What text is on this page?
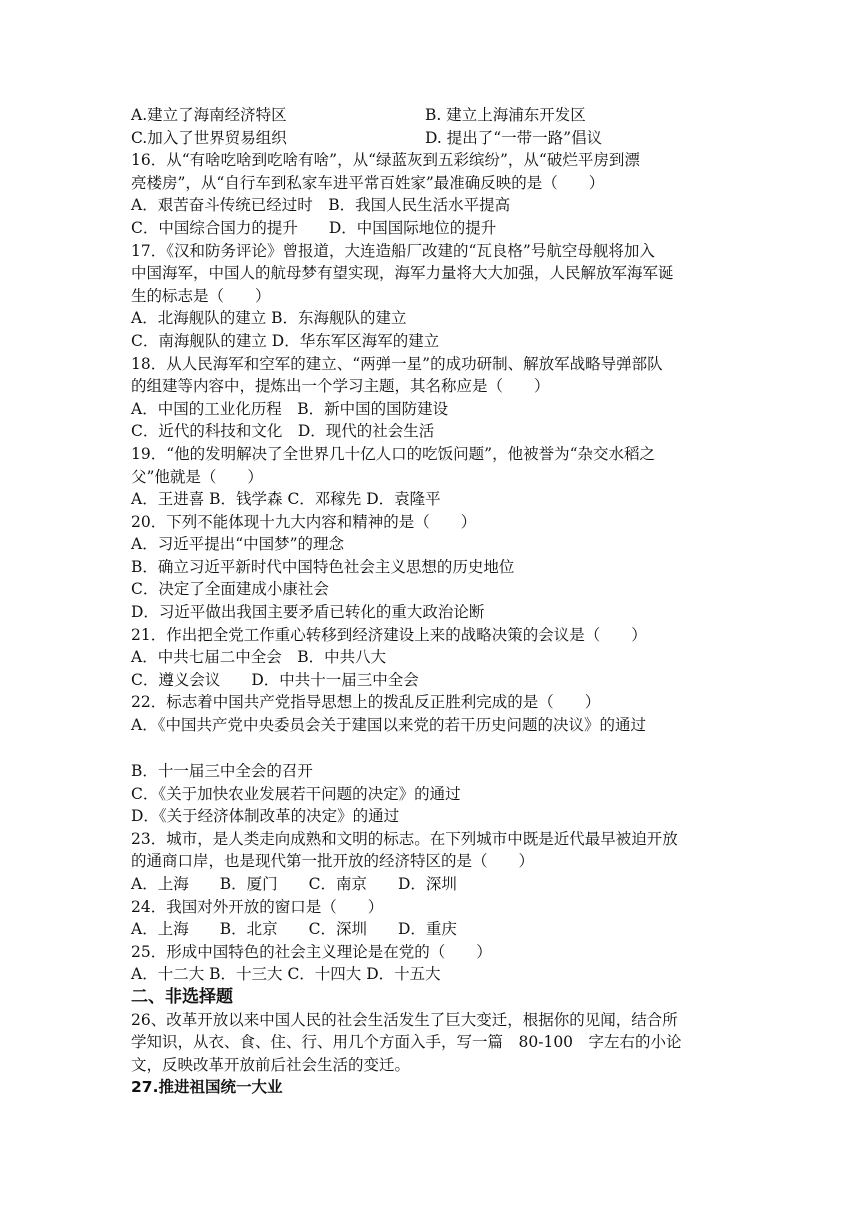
A.建立了海南经济特区	B. 建立上海浦东开发区
C.加入了世界贸易组织	D. 提出了“一带一路”倡议
16．从“有啥吃啥到吃啥有啥”，从“绿蓝灰到五彩缤纷”，从“破烂平房到漂
亮楼房”，从“自行车到私家车进平常百姓家”最准确反映的是（　　）
A．艰苦奋斗传统已经过时　B．我国人民生活水平提高
C．中国综合国力的提升　　D．中国国际地位的提升
17．《汉和防务评论》曾报道，大连造船厂改建的“瓦良格”号航空母舰将加入
中国海军，中国人的航母梦有望实现，海军力量将大大加强，人民解放军海军诞
生的标志是（　　）
A．北海舰队的建立 B．东海舰队的建立
C．南海舰队的建立 D．华东军区海军的建立
18．从人民海军和空军的建立、“两弹一星”的成功研制、解放军战略导弹部队
的组建等内容中，提炼出一个学习主题，其名称应是（　　）
A．中国的工业化历程　B．新中国的国防建设
C．近代的科技和文化　D．现代的社会生活
19．“他的发明解决了全世界几十亿人口的吃饭问题”，他被誉为“杂交水稻之
父”他就是（　　）
A．王进喜 B．钱学森 C．邓稼先 D．袁隆平
20．下列不能体现十九大内容和精神的是（　　）
A．习近平提出“中国梦”的理念
B．确立习近平新时代中国特色社会主义思想的历史地位
C．决定了全面建成小康社会
D．习近平做出我国主要矛盾已转化的重大政治论断
21．作出把全党工作重心转移到经济建设上来的战略决策的会议是（　　）
A．中共七届二中全会　B．中共八大
C．遵义会议　　D．中共十一届三中全会
22．标志着中国共产党指导思想上的拨乱反正胜利完成的是（　　）
A．《中国共产党中央委员会关于建国以来党的若干历史问题的决议》的通过
B．十一届三中全会的召开
C．《关于加快农业发展若干问题的决定》的通过
D．《关于经济体制改革的决定》的通过
23．城市，是人类走向成熟和文明的标志。在下列城市中既是近代最早被迫开放
的通商口岸，也是现代第一批开放的经济特区的是（　　）
A．上海　　B．厦门　　C．南京　　D．深圳
24．我国对外开放的窗口是（　　）
A．上海　　B．北京　　C．深圳　　D．重庆
25．形成中国特色的社会主义理论是在党的（　　）
A．十二大 B．十三大 C．十四大 D．十五大
二、非选择题
26、改革开放以来中国人民的社会生活发生了巨大变迁，根据你的见闻，结合所
学知识，从衣、食、住、行、用几个方面入手，写一篇　80-100　字左右的小论
文，反映改革开放前后社会生活的变迁。
27.推进祖国统一大业
